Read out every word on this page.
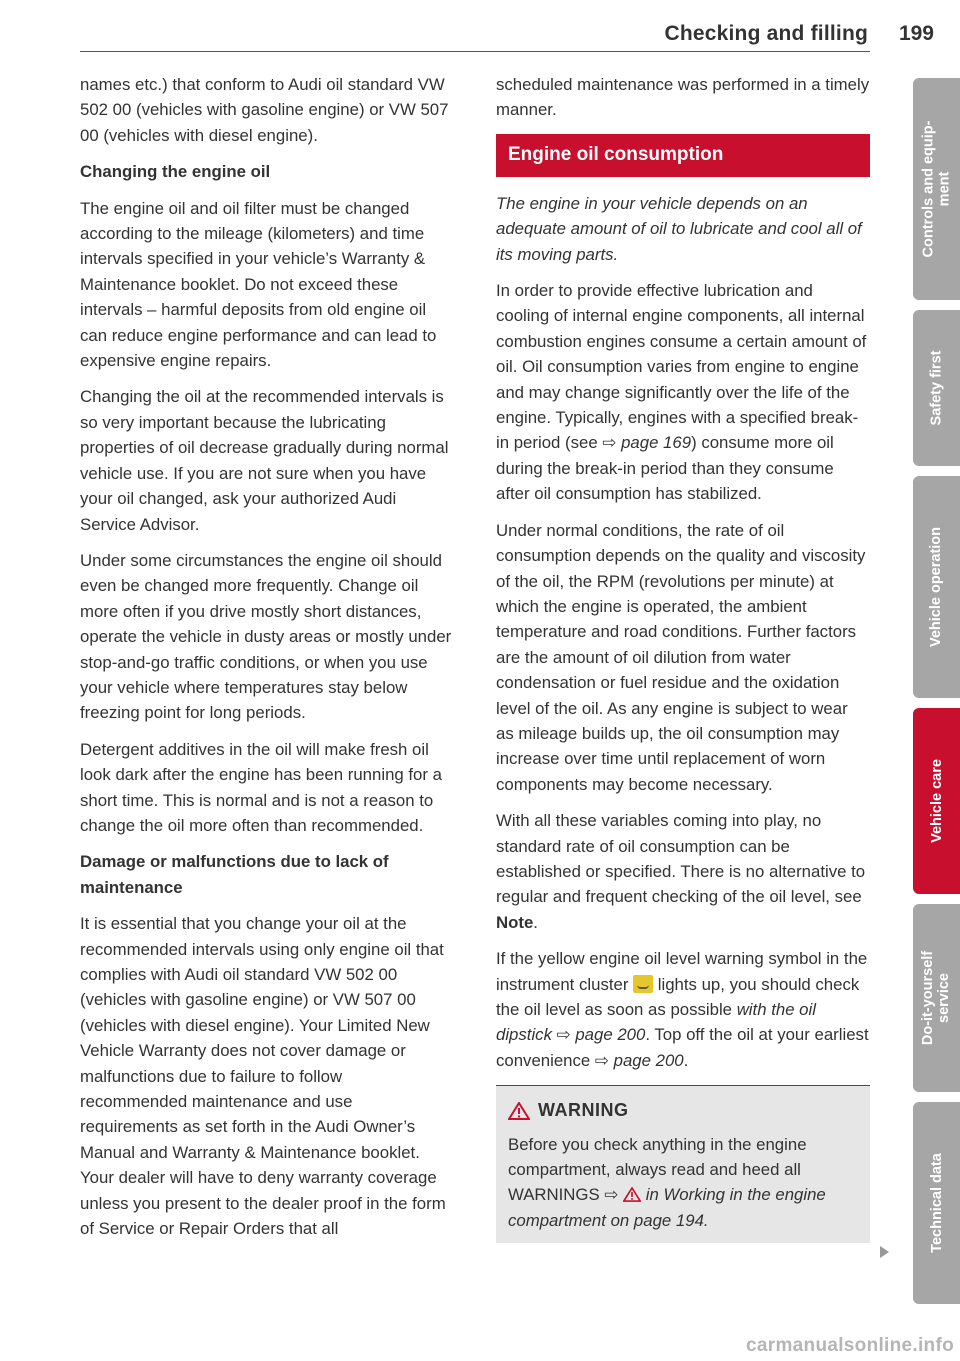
Checking and filling 199

names etc.) that conform to Audi oil standard VW 502 00 (vehicles with gasoline engine) or VW 507 00 (vehicles with diesel engine).

Changing the engine oil

The engine oil and oil filter must be changed according to the mileage (kilometers) and time intervals specified in your vehicle’s Warranty & Maintenance booklet. Do not exceed these intervals – harmful deposits from old engine oil can reduce engine performance and can lead to expensive engine repairs.

Changing the oil at the recommended intervals is so very important because the lubricating properties of oil decrease gradually during normal vehicle use. If you are not sure when you have your oil changed, ask your authorized Audi Service Advisor.

Under some circumstances the engine oil should even be changed more frequently. Change oil more often if you drive mostly short distances, operate the vehicle in dusty areas or mostly under stop-and-go traffic conditions, or when you use your vehicle where temperatures stay below freezing point for long periods.

Detergent additives in the oil will make fresh oil look dark after the engine has been running for a short time. This is normal and is not a reason to change the oil more often than recommended.

Damage or malfunctions due to lack of maintenance

It is essential that you change your oil at the recommended intervals using only engine oil that complies with Audi oil standard VW 502 00 (vehicles with gasoline engine) or VW 507 00 (vehicles with diesel engine). Your Limited New Vehicle Warranty does not cover damage or malfunctions due to failure to follow recommended maintenance and use requirements as set forth in the Audi Owner’s Manual and Warranty & Maintenance booklet. Your dealer will have to deny warranty coverage unless you present to the dealer proof in the form of Service or Repair Orders that all

scheduled maintenance was performed in a timely manner.

Engine oil consumption

The engine in your vehicle depends on an adequate amount of oil to lubricate and cool all of its moving parts.

In order to provide effective lubrication and cooling of internal engine components, all internal combustion engines consume a certain amount of oil. Oil consumption varies from engine to engine and may change significantly over the life of the engine. Typically, engines with a specified break-in period (see ⇨ page 169) consume more oil during the break-in period than they consume after oil consumption has stabilized.

Under normal conditions, the rate of oil consumption depends on the quality and viscosity of the oil, the RPM (revolutions per minute) at which the engine is operated, the ambient temperature and road conditions. Further factors are the amount of oil dilution from water condensation or fuel residue and the oxidation level of the oil. As any engine is subject to wear as mileage builds up, the oil consumption may increase over time until replacement of worn components may become necessary.

With all these variables coming into play, no standard rate of oil consumption can be established or specified. There is no alternative to regular and frequent checking of the oil level, see Note.

If the yellow engine oil level warning symbol in the instrument cluster  lights up, you should check the oil level as soon as possible with the oil dipstick ⇨ page 200. Top off the oil at your earliest convenience ⇨ page 200.

WARNING
Before you check anything in the engine compartment, always read and heed all WARNINGS ⇨  in Working in the engine compartment on page 194.
Controls and equip-
ment
Safety first
Vehicle operation
Vehicle care
Do-it-yourself
service
Technical data
carmanualsonline.info
